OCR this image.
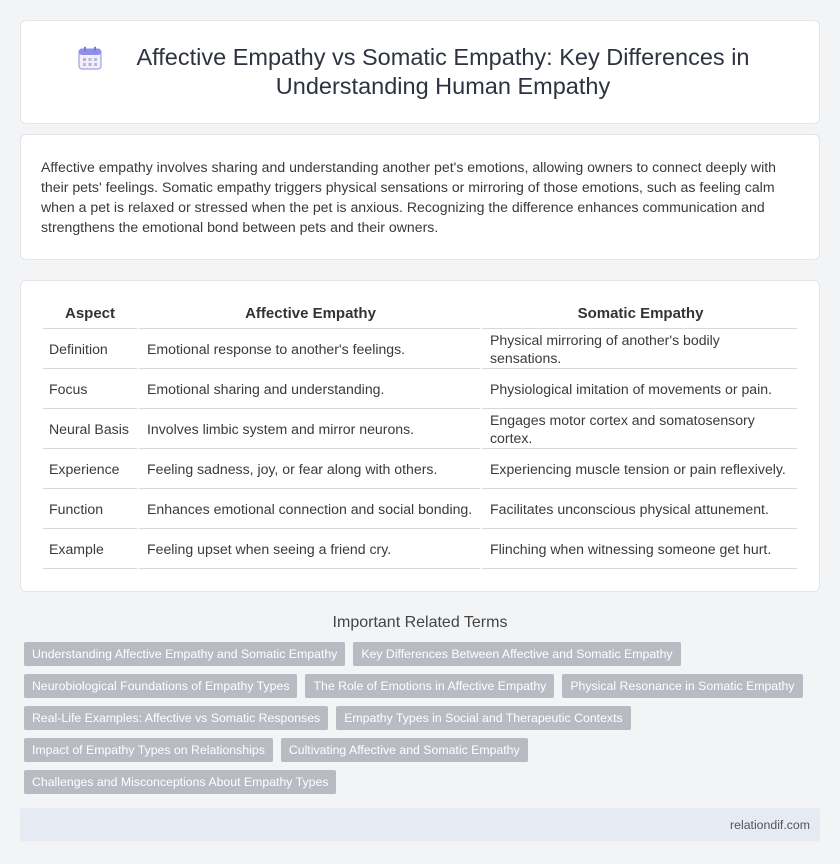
Affective Empathy vs Somatic Empathy: Key Differences in Understanding Human Empathy

Affective empathy involves sharing and understanding another pet's emotions, allowing owners to connect deeply with their pets' feelings. Somatic empathy triggers physical sensations or mirroring of those emotions, such as feeling calm when a pet is relaxed or stressed when the pet is anxious. Recognizing the difference enhances communication and strengthens the emotional bond between pets and their owners.

Aspect	Affective Empathy	Somatic Empathy
Definition	Emotional response to another's feelings.	Physical mirroring of another's bodily sensations.
Focus	Emotional sharing and understanding.	Physiological imitation of movements or pain.
Neural Basis	Involves limbic system and mirror neurons.	Engages motor cortex and somatosensory cortex.
Experience	Feeling sadness, joy, or fear along with others.	Experiencing muscle tension or pain reflexively.
Function	Enhances emotional connection and social bonding.	Facilitates unconscious physical attunement.
Example	Feeling upset when seeing a friend cry.	Flinching when witnessing someone get hurt.
Important Related Terms
Understanding Affective Empathy and Somatic Empathy	Key Differences Between Affective and Somatic Empathy
Neurobiological Foundations of Empathy Types	The Role of Emotions in Affective Empathy	Physical Resonance in Somatic Empathy
Real-Life Examples: Affective vs Somatic Responses	Empathy Types in Social and Therapeutic Contexts
Impact of Empathy Types on Relationships	Cultivating Affective and Somatic Empathy
Challenges and Misconceptions About Empathy Types
relationdif.com
